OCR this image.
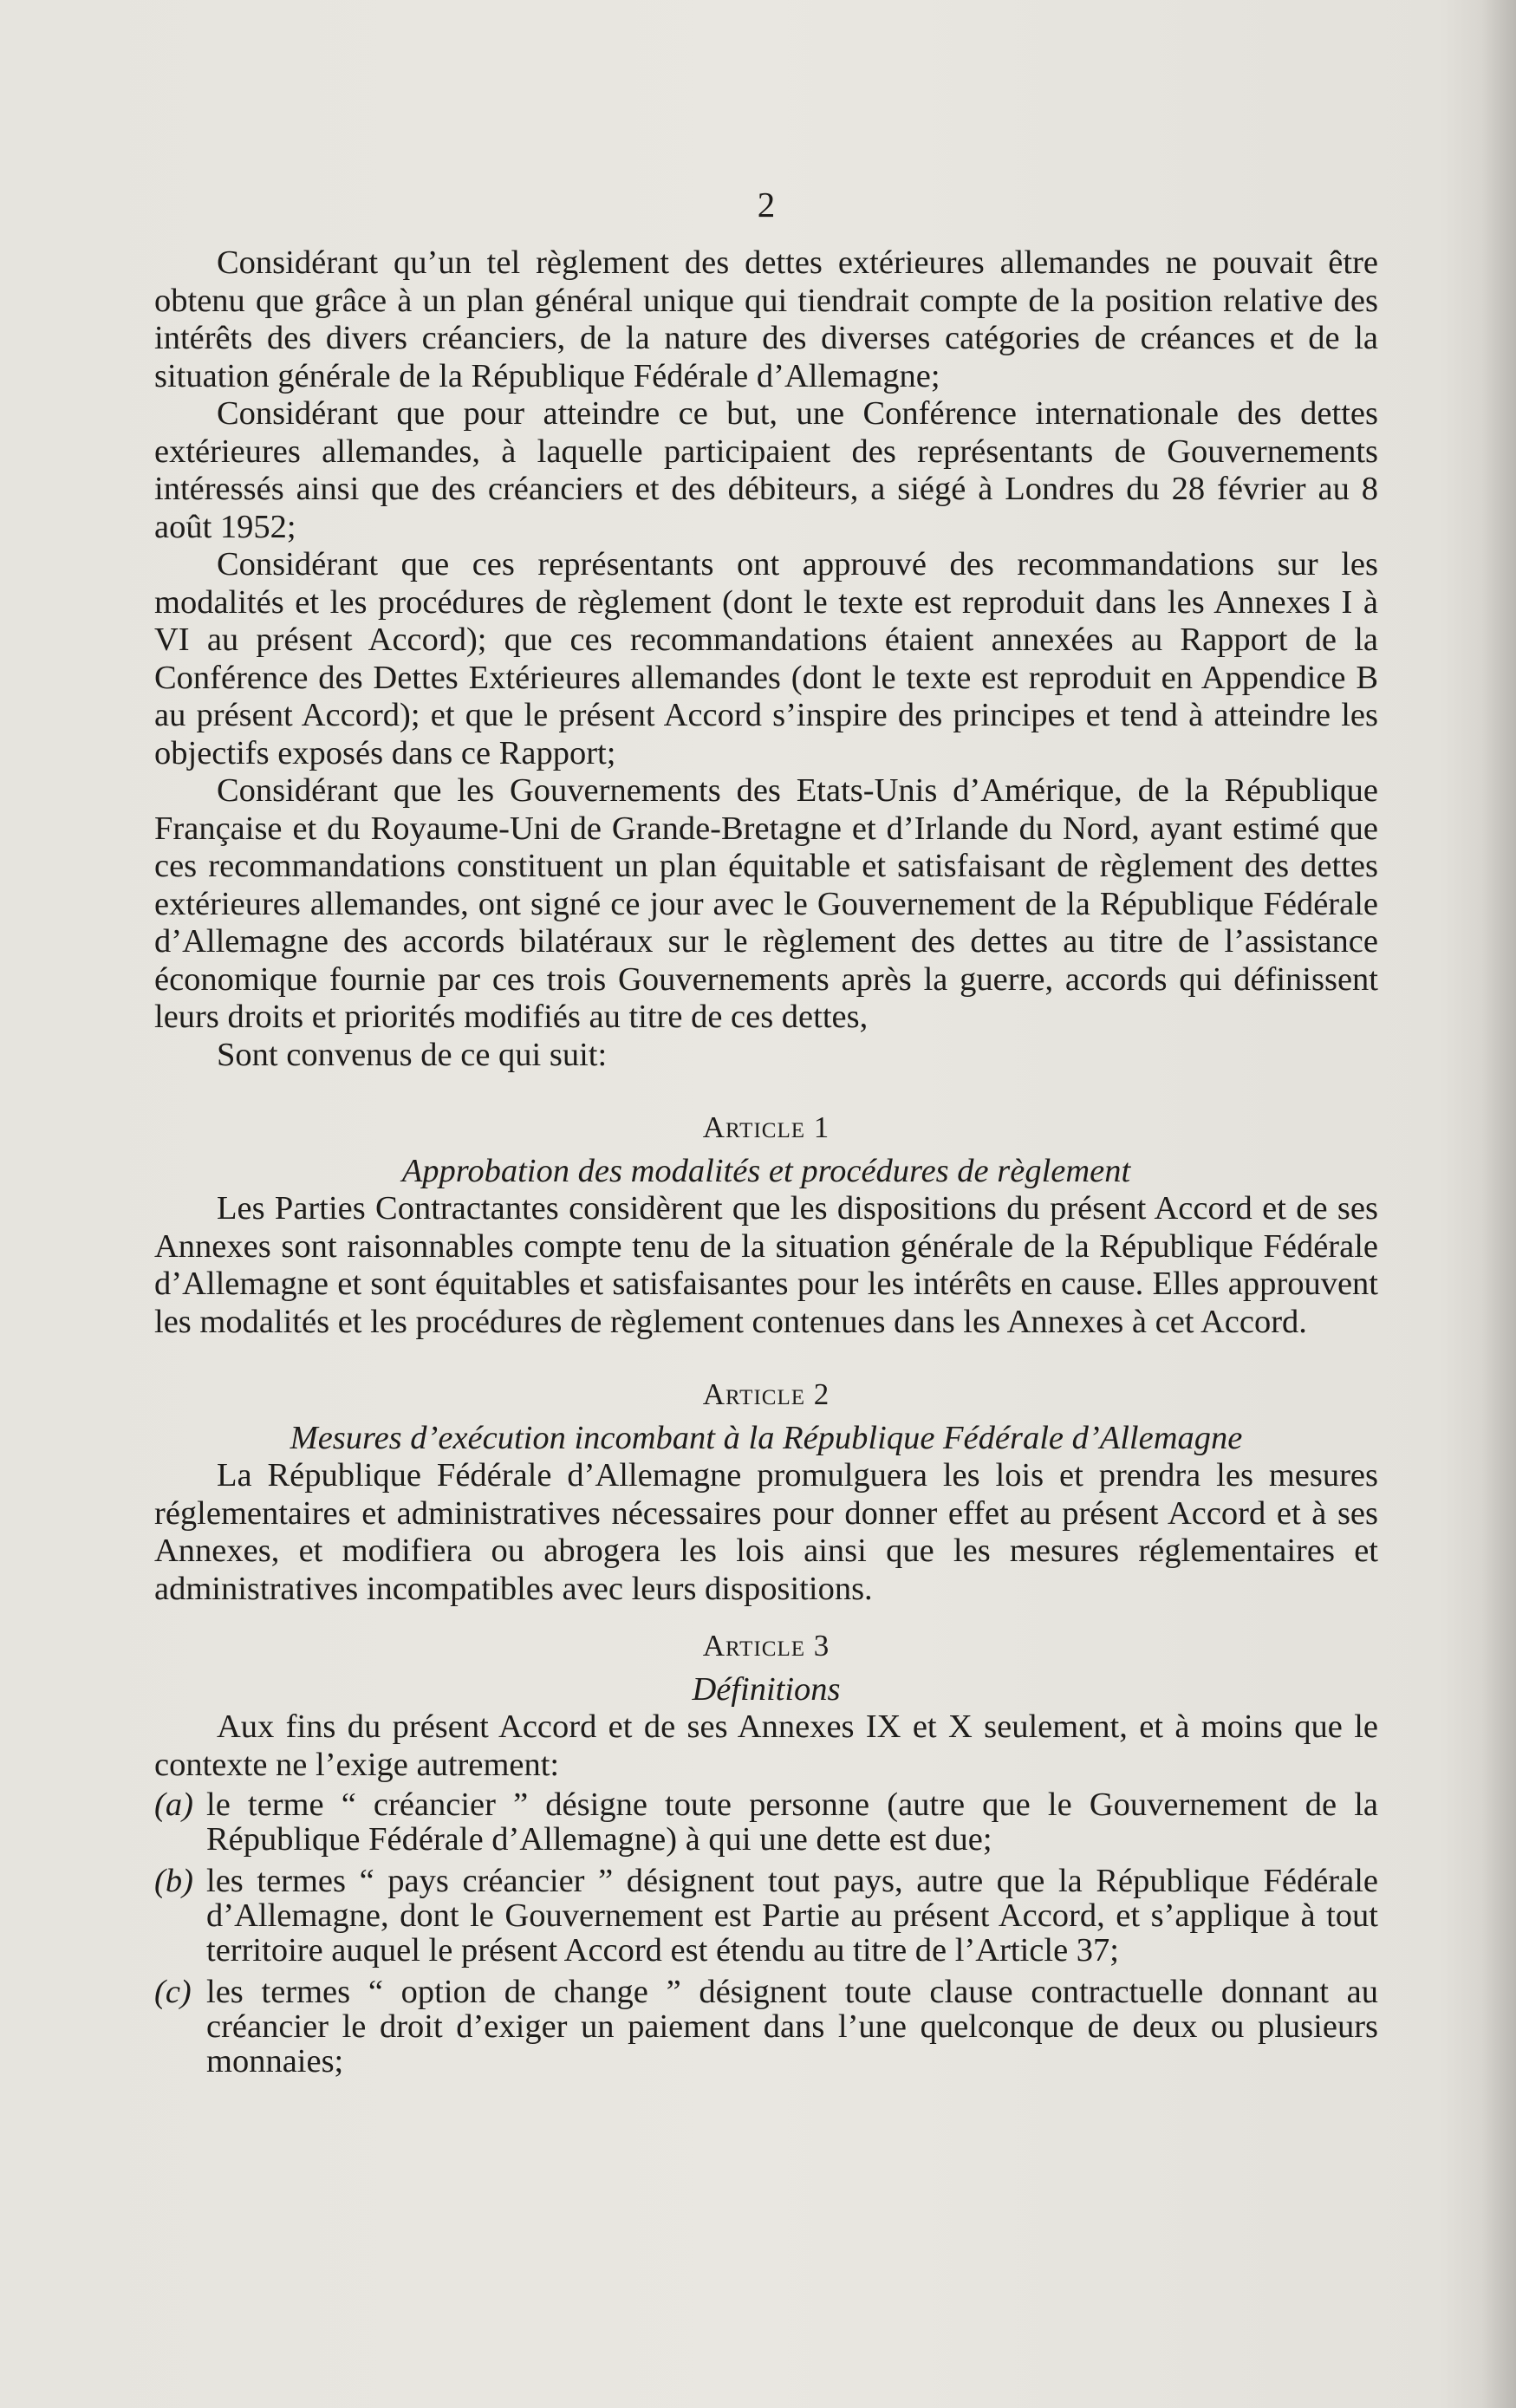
2

Considérant qu’un tel règlement des dettes extérieures allemandes ne pouvait être obtenu que grâce à un plan général unique qui tiendrait compte de la position relative des intérêts des divers créanciers, de la nature des diverses catégories de créances et de la situation générale de la République Fédérale d’Allemagne;

Considérant que pour atteindre ce but, une Conférence internationale des dettes extérieures allemandes, à laquelle participaient des représentants de Gouvernements intéressés ainsi que des créanciers et des débiteurs, a siégé à Londres du 28 février au 8 août 1952;

Considérant que ces représentants ont approuvé des recommandations sur les modalités et les procédures de règlement (dont le texte est reproduit dans les Annexes I à VI au présent Accord); que ces recommandations étaient annexées au Rapport de la Conférence des Dettes Extérieures allemandes (dont le texte est reproduit en Appendice B au présent Accord); et que le présent Accord s’inspire des principes et tend à atteindre les objectifs exposés dans ce Rapport;

Considérant que les Gouvernements des Etats-Unis d’Amérique, de la République Française et du Royaume-Uni de Grande-Bretagne et d’Irlande du Nord, ayant estimé que ces recommandations constituent un plan équitable et satisfaisant de règlement des dettes extérieures allemandes, ont signé ce jour avec le Gouvernement de la République Fédérale d’Allemagne des accords bilatéraux sur le règlement des dettes au titre de l’assistance économique fournie par ces trois Gouvernements après la guerre, accords qui définissent leurs droits et priorités modifiés au titre de ces dettes,

Sont convenus de ce qui suit:

Article 1
Approbation des modalités et procédures de règlement

Les Parties Contractantes considèrent que les dispositions du présent Accord et de ses Annexes sont raisonnables compte tenu de la situation générale de la République Fédérale d’Allemagne et sont équitables et satisfaisantes pour les intérêts en cause. Elles approuvent les modalités et les procédures de règlement contenues dans les Annexes à cet Accord.

Article 2
Mesures d’exécution incombant à la République Fédérale d’Allemagne

La République Fédérale d’Allemagne promulguera les lois et prendra les mesures réglementaires et administratives nécessaires pour donner effet au présent Accord et à ses Annexes, et modifiera ou abrogera les lois ainsi que les mesures réglementaires et administratives incompatibles avec leurs dispositions.

Article 3
Définitions

Aux fins du présent Accord et de ses Annexes IX et X seulement, et à moins que le contexte ne l’exige autrement:

(a) le terme “ créancier ” désigne toute personne (autre que le Gouvernement de la République Fédérale d’Allemagne) à qui une dette est due;
(b) les termes “ pays créancier ” désignent tout pays, autre que la République Fédérale d’Allemagne, dont le Gouvernement est Partie au présent Accord, et s’applique à tout territoire auquel le présent Accord est étendu au titre de l’Article 37;
(c) les termes “ option de change ” désignent toute clause contractuelle donnant au créancier le droit d’exiger un paiement dans l’une quelconque de deux ou plusieurs monnaies;
